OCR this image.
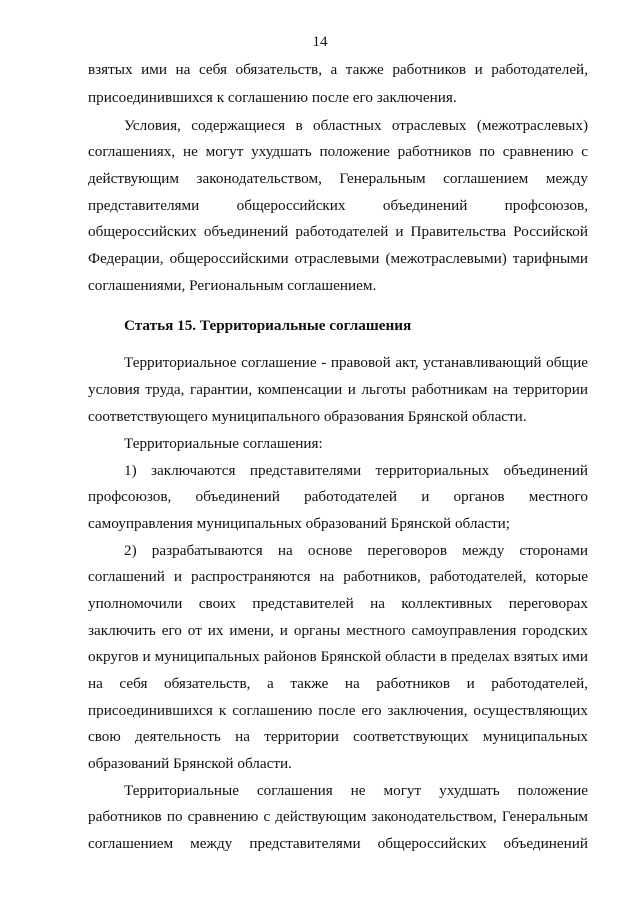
14
взятых ими на себя обязательств, а также работников и работодателей,
присоединившихся к соглашению после его заключения.
Условия, содержащиеся в областных отраслевых (межотраслевых)
соглашениях, не могут ухудшать положение работников по сравнению с
действующим законодательством, Генеральным соглашением между
представителями общероссийских объединений профсоюзов,
общероссийских объединений работодателей и Правительства Российской
Федерации, общероссийскими отраслевыми (межотраслевыми) тарифными
соглашениями, Региональным соглашением.
Статья 15. Территориальные соглашения
Территориальное соглашение - правовой акт, устанавливающий общие
условия труда, гарантии, компенсации и льготы работникам на территории
соответствующего муниципального образования Брянской области.
Территориальные соглашения:
1) заключаются представителями территориальных объединений
профсоюзов, объединений работодателей и органов местного
самоуправления муниципальных образований Брянской области;
2) разрабатываются на основе переговоров между сторонами
соглашений и распространяются на работников, работодателей, которые
уполномочили своих представителей на коллективных переговорах
заключить его от их имени, и органы местного самоуправления городских
округов и муниципальных районов Брянской области в пределах взятых ими
на себя обязательств, а также на работников и работодателей,
присоединившихся к соглашению после его заключения, осуществляющих
свою деятельность на территории соответствующих муниципальных
образований Брянской области.
Территориальные соглашения не могут ухудшать положение
работников по сравнению с действующим законодательством, Генеральным
соглашением между представителями общероссийских объединений
